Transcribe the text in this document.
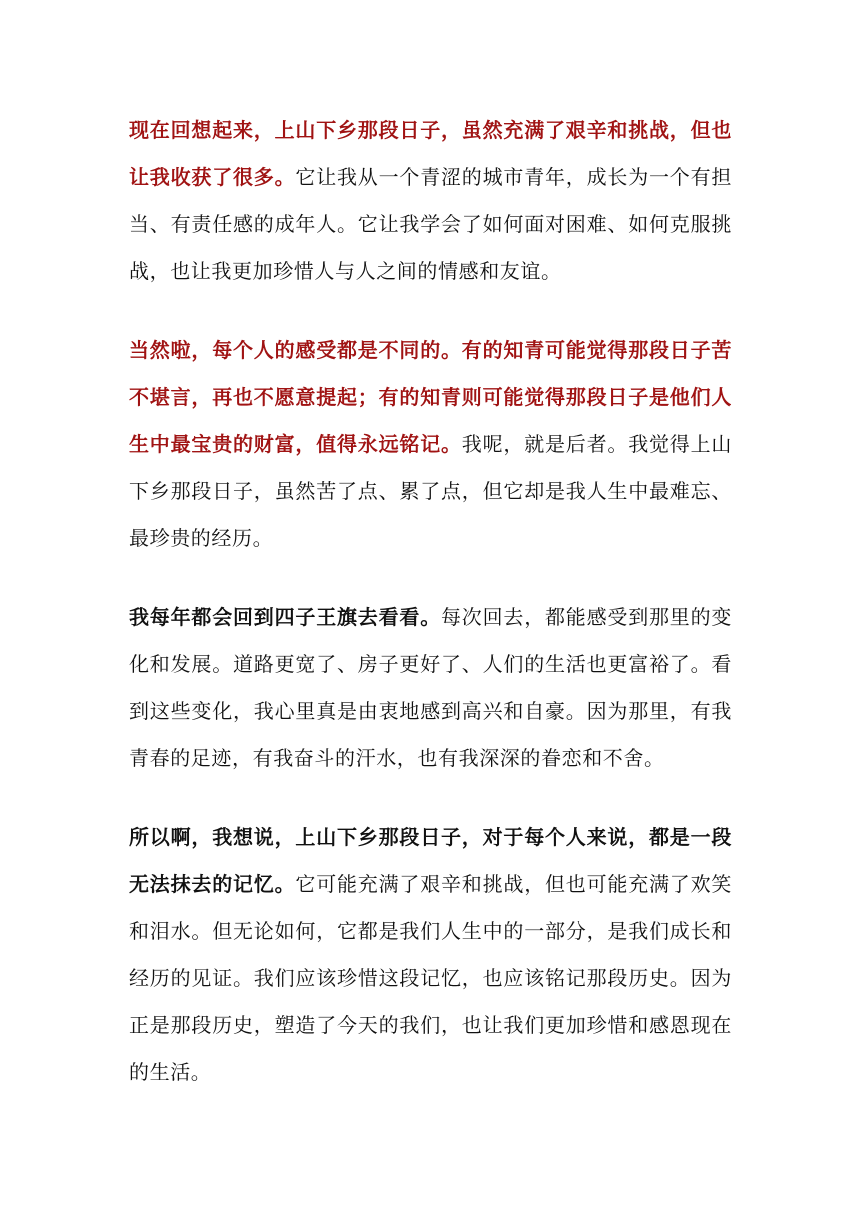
现在回想起来，上山下乡那段日子，虽然充满了艰辛和挑战，但也让我收获了很多。它让我从一个青涩的城市青年，成长为一个有担当、有责任感的成年人。它让我学会了如何面对困难、如何克服挑战，也让我更加珍惜人与人之间的情感和友谊。

当然啦，每个人的感受都是不同的。有的知青可能觉得那段日子苦不堪言，再也不愿意提起；有的知青则可能觉得那段日子是他们人生中最宝贵的财富，值得永远铭记。我呢，就是后者。我觉得上山下乡那段日子，虽然苦了点、累了点，但它却是我人生中最难忘、最珍贵的经历。

我每年都会回到四子王旗去看看。每次回去，都能感受到那里的变化和发展。道路更宽了、房子更好了、人们的生活也更富裕了。看到这些变化，我心里真是由衷地感到高兴和自豪。因为那里，有我青春的足迹，有我奋斗的汗水，也有我深深的眷恋和不舍。

所以啊，我想说，上山下乡那段日子，对于每个人来说，都是一段无法抹去的记忆。它可能充满了艰辛和挑战，但也可能充满了欢笑和泪水。但无论如何，它都是我们人生中的一部分，是我们成长和经历的见证。我们应该珍惜这段记忆，也应该铭记那段历史。因为正是那段历史，塑造了今天的我们，也让我们更加珍惜和感恩现在的生活。
